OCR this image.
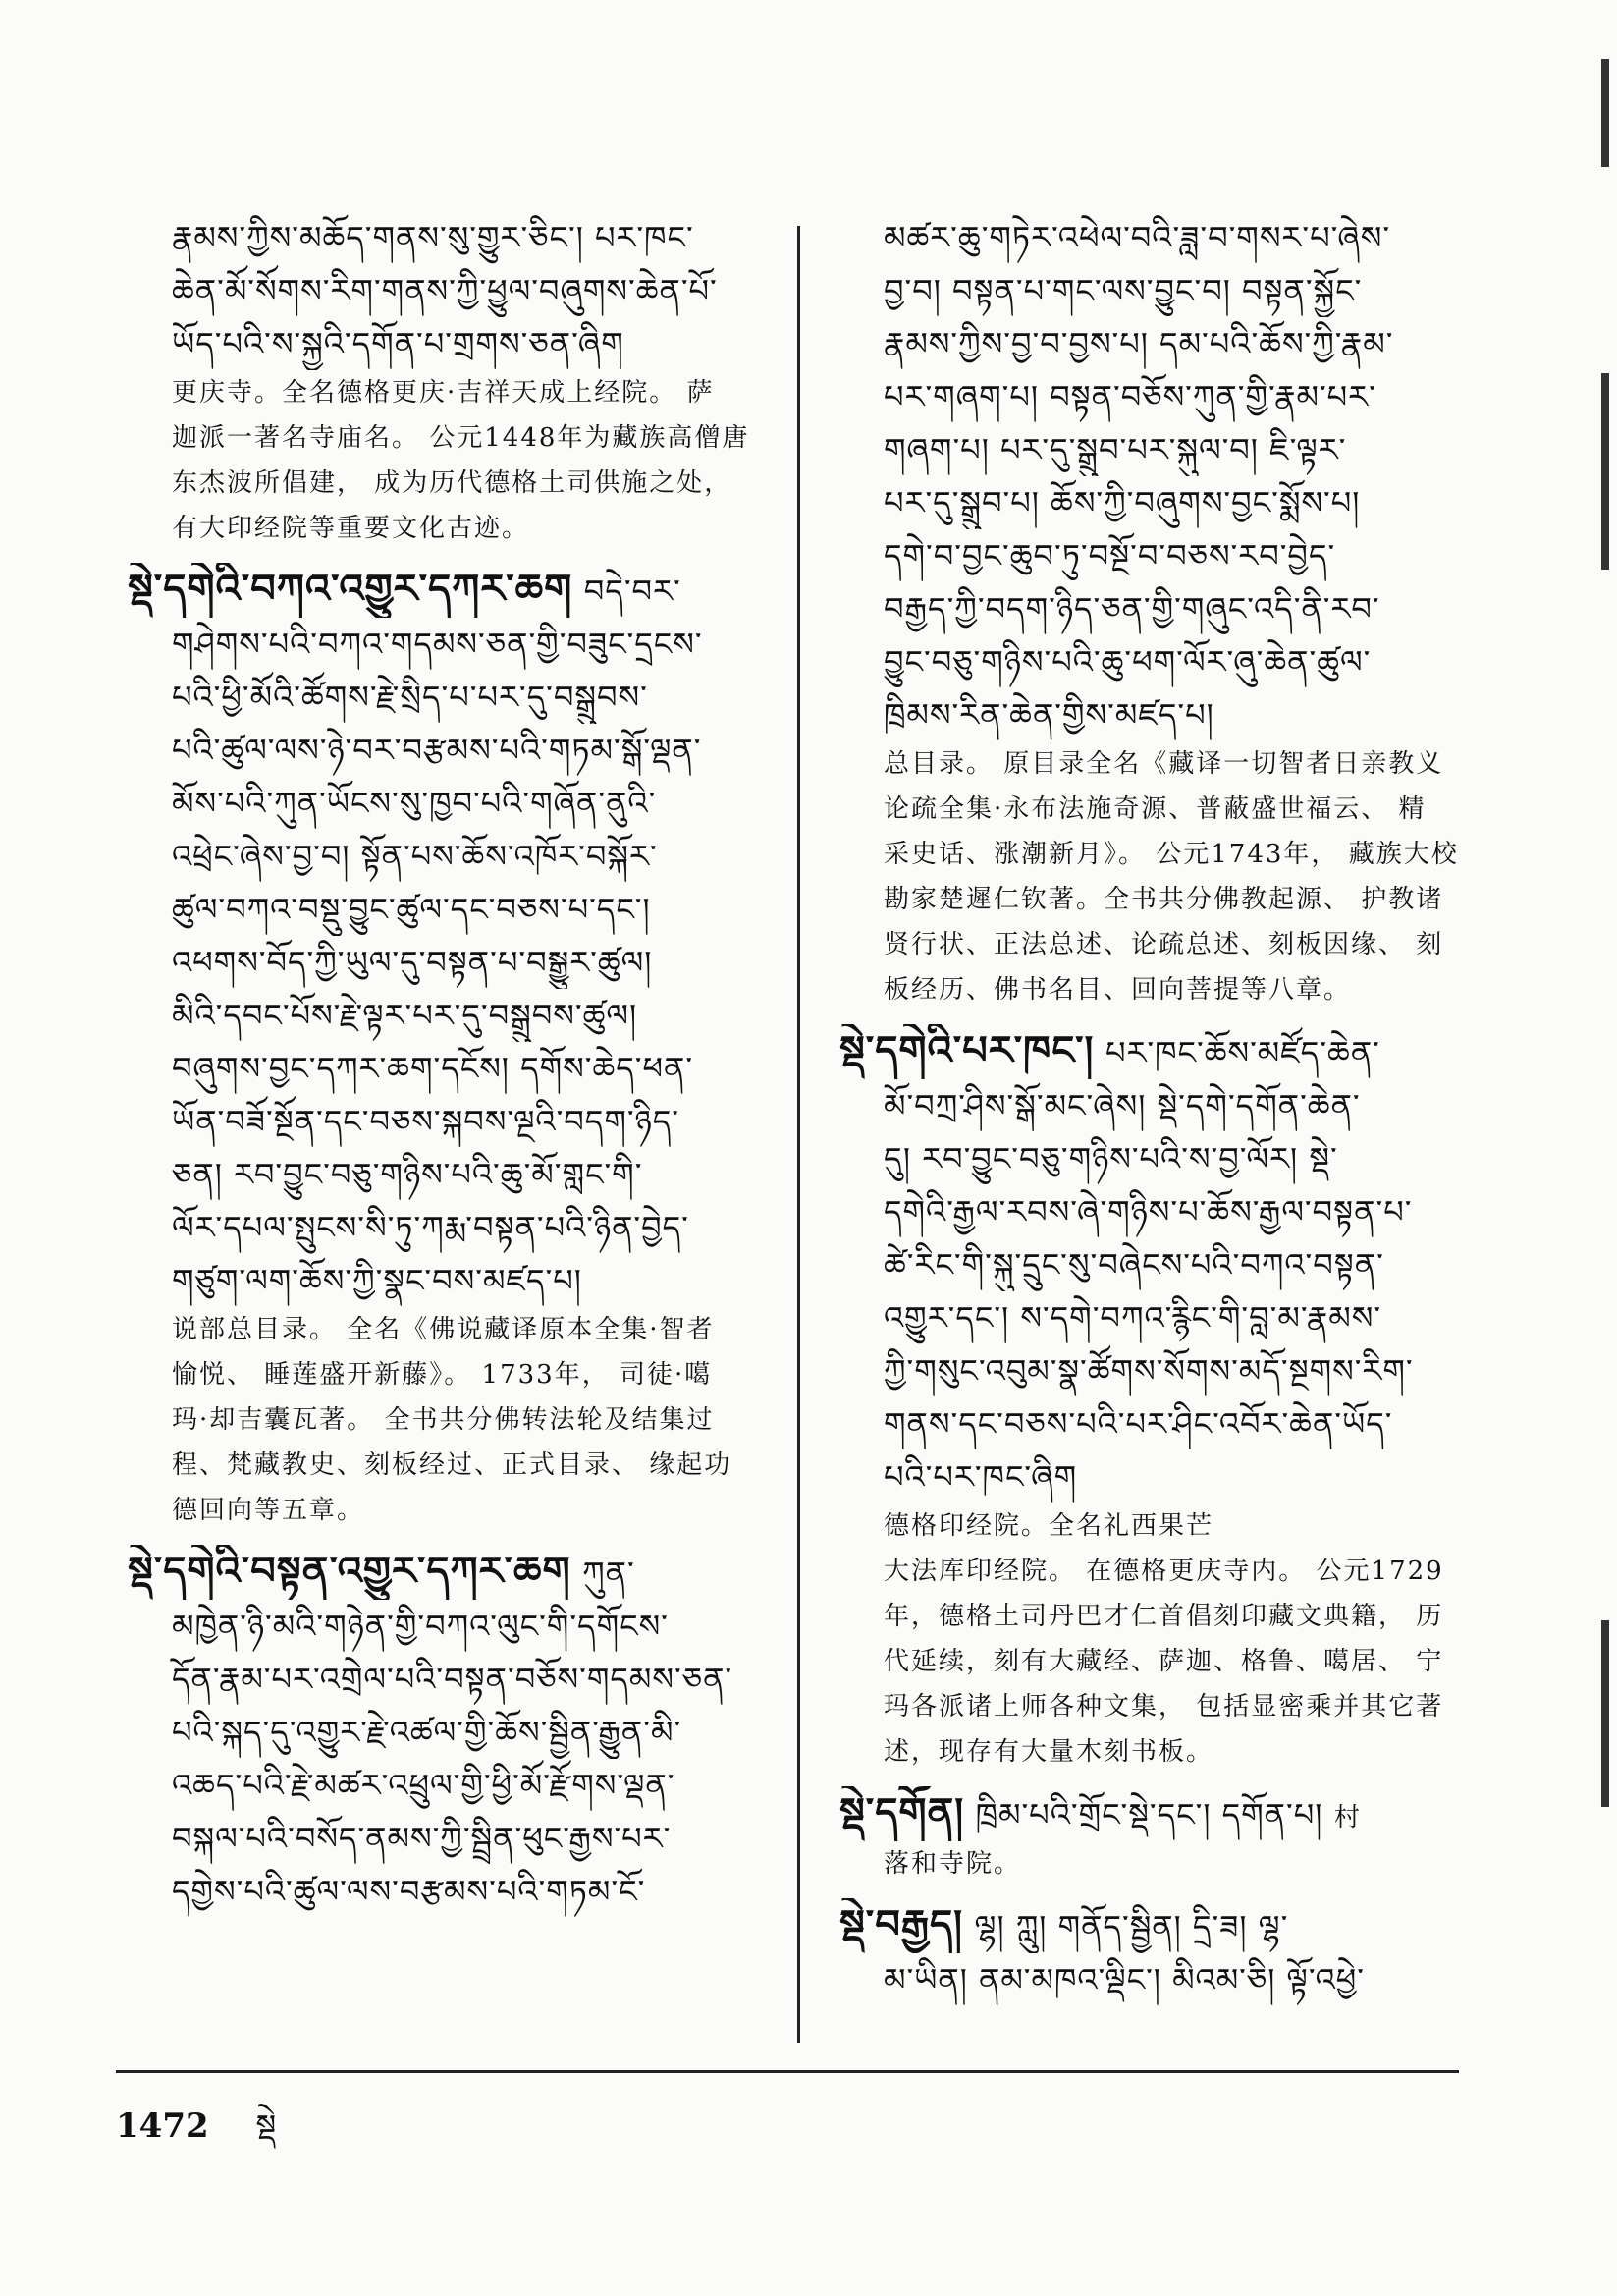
རྣམས་ཀྱིས་མཆོད་གནས་སུ་གྱུར་ཅིང་། པར་ཁང་
ཆེན་མོ་སོགས་རིག་གནས་ཀྱི་ཕྱུལ་བཞུགས་ཆེན་པོ་
ཡོད་པའི་ས་སྐྱའི་དགོན་པ་གྲགས་ཅན་ཞིག
更庆寺。全名德格更庆·吉祥天成上经院。 萨
迦派一著名寺庙名。 公元1448年为藏族高僧唐
东杰波所倡建， 成为历代德格土司供施之处，
有大印经院等重要文化古迹。
སྡེ་དགེའི་བཀའ་འགྱུར་དཀར་ཆག བདེ་བར་
གཤེགས་པའི་བཀའ་གདམས་ཅན་གྱི་བཟུང་དྲངས་
པའི་ཕྱི་མོའི་ཚོགས་རྗེ་སྲིད་པ་པར་དུ་བསྒྲུབས་
པའི་ཚུལ་ལས་ཉེ་བར་བརྩམས་པའི་གཏམ་སྒོ་ལྡན་
མོས་པའི་ཀུན་ཡོངས་སུ་ཁྱབ་པའི་གཞོན་ནུའི་
འཕྲེང་ཞེས་བྱ་བ། སྟོན་པས་ཆོས་འཁོར་བསྐོར་
ཚུལ་བཀའ་བསྡུ་བྱུང་ཚུལ་དང་བཅས་པ་དང་།
འཕགས་བོད་ཀྱི་ཡུལ་དུ་བསྟན་པ་བསྒྱུར་ཚུལ།
མིའི་དབང་པོས་རྗེ་ལྟར་པར་དུ་བསྒྲུབས་ཚུལ།
བཞུགས་བྱང་དཀར་ཆག་དངོས། དགོས་ཆེད་ཕན་
ཡོན་བཟོ་སྔོན་དང་བཅས་སྐབས་ལྔའི་བདག་ཉིད་
ཅན། རབ་བྱུང་བཅུ་གཉིས་པའི་ཆུ་མོ་གླང་གི་
ལོར་དཔལ་སྤུངས་སི་ཏུ་ཀརྨ་བསྟན་པའི་ཉིན་བྱེད་
གཙུག་ལག་ཆོས་ཀྱི་སྣང་བས་མཛད་པ།
说部总目录。 全名《佛说藏译原本全集·智者
愉悦、 睡莲盛开新藤》。 1733年， 司徒·噶
玛·却吉囊瓦著。 全书共分佛转法轮及结集过
程、梵藏教史、刻板经过、正式目录、 缘起功
德回向等五章。
སྡེ་དགེའི་བསྟན་འགྱུར་དཀར་ཆག ཀུན་
མཁྱེན་ཉི་མའི་གཉེན་གྱི་བཀའ་ལུང་གི་དགོངས་
དོན་རྣམ་པར་འགྲེལ་པའི་བསྟན་བཅོས་གདམས་ཅན་
པའི་སྐད་དུ་འགྱུར་རྗེ་འཚལ་གྱི་ཆོས་སྦྱིན་རྒྱུན་མི་
འཆད་པའི་རྗེ་མཚར་འཕྲུལ་གྱི་ཕྱི་མོ་རྫོགས་ལྡན་
བསྐལ་པའི་བསོད་ནམས་ཀྱི་སྦྲིན་ཕུང་རྒྱས་པར་
དགྱེས་པའི་ཚུལ་ལས་བརྩམས་པའི་གཏམ་ངོ་
མཚར་ཆུ་གཏེར་འཕེལ་བའི་ཟླ་བ་གསར་པ་ཞེས་
བྱ་བ། བསྟན་པ་གང་ལས་བྱུང་བ། བསྟན་སྐྱོང་
རྣམས་ཀྱིས་བྱ་བ་བྱས་པ། དམ་པའི་ཆོས་ཀྱི་རྣམ་
པར་གཞག་པ། བསྟན་བཅོས་ཀུན་གྱི་རྣམ་པར་
གཞག་པ། པར་དུ་སྒྲུབ་པར་སྐུལ་བ། ཇི་ལྟར་
པར་དུ་སྒྲུབ་པ། ཆོས་ཀྱི་བཞུགས་བྱང་སྨོས་པ།
དགེ་བ་བྱང་ཆུབ་ཏུ་བསྔོ་བ་བཅས་རབ་བྱེད་
བརྒྱད་ཀྱི་བདག་ཉིད་ཅན་གྱི་གཞུང་འདི་ནི་རབ་
བྱུང་བཅུ་གཉིས་པའི་ཆུ་ཕག་ལོར་ཞུ་ཆེན་ཚུལ་
ཁྲིམས་རིན་ཆེན་གྱིས་མཛད་པ།
总目录。 原目录全名《藏译一切智者日亲教义
论疏全集·永布法施奇源、普蔽盛世福云、 精
采史话、涨潮新月》。 公元1743年， 藏族大校
勘家楚遲仁钦著。全书共分佛教起源、 护教诸
贤行状、正法总述、论疏总述、刻板因缘、 刻
板经历、佛书名目、回向菩提等八章。
སྡེ་དགེའི་པར་ཁང་། པར་ཁང་ཆོས་མཛོད་ཆེན་
མོ་བཀྲ་ཤིས་སྒོ་མང་ཞེས། སྡེ་དགེ་དགོན་ཆེན་
དུ། རབ་བྱུང་བཅུ་གཉིས་པའི་ས་བྱ་ལོར། སྡེ་
དགེའི་རྒྱལ་རབས་ཞེ་གཉིས་པ་ཆོས་རྒྱལ་བསྟན་པ་
ཚེ་རིང་གི་སྐུ་དྲུང་སུ་བཞེངས་པའི་བཀའ་བསྟན་
འགྱུར་དང་། ས་དགེ་བཀའ་རྙིང་གི་བླ་མ་རྣམས་
ཀྱི་གསུང་འབུམ་སྣ་ཚོགས་སོགས་མདོ་སྔགས་རིག་
གནས་དང་བཅས་པའི་པར་ཤིང་འབོར་ཆེན་ཡོད་
པའི་པར་ཁང་ཞིག
德格印经院。全名礼西果芒
大法库印经院。 在德格更庆寺内。 公元1729
年，德格土司丹巴才仁首倡刻印藏文典籍， 历
代延续，刻有大藏经、萨迦、格鲁、噶居、 宁
玛各派诸上师各种文集， 包括显密乘并其它著
述，现存有大量木刻书板。
སྡེ་དགོན། ཁྲིམ་པའི་གྲོང་སྡེ་དང་། དགོན་པ། 村
落和寺院。
སྡེ་བརྒྱད། ལྷ། ཀླུ། གནོད་སྦྱིན། དྲི་ཟ། ལྷ་
མ་ཡིན། ནམ་མཁའ་ལྡིང་། མིའམ་ཅི། ལྟོ་འཕྱེ་
1472 སྡེ
